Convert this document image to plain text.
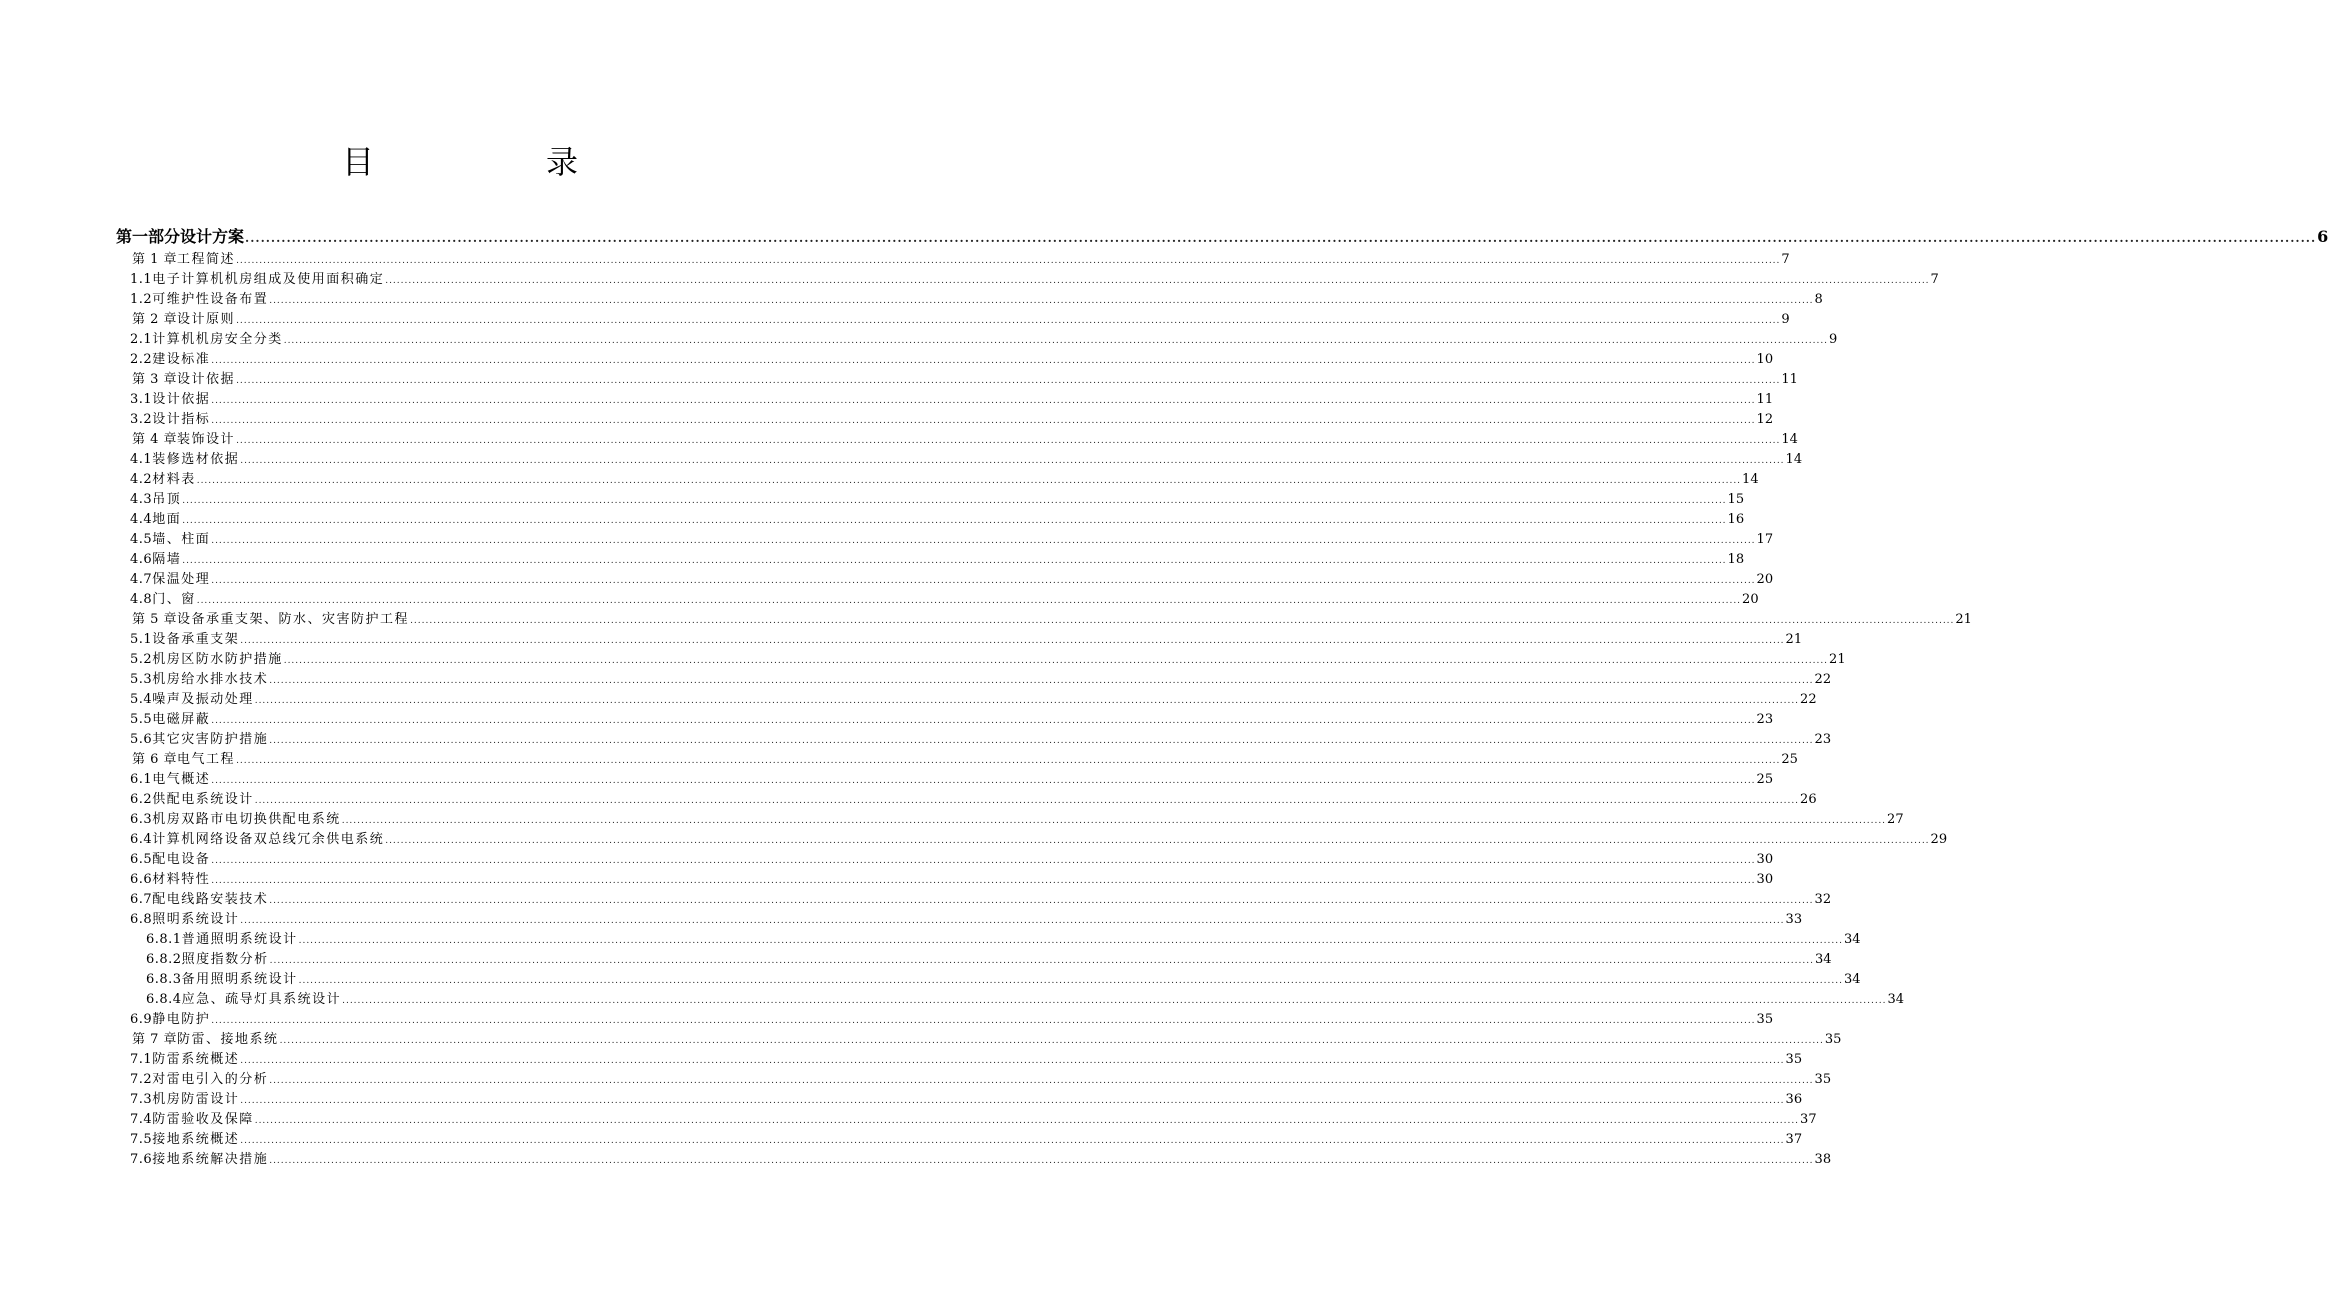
目　录
第一部分 设计方案 ................................................................................................................................................................................................................................................................................................................................................................................................................ 6
第 1 章 工程简述 ................................................................................................................................................................................................................................................................................................................................................................................................................ 7
1.1 电子计算机机房组成及使用面积确定 ................................................................................................................................................................................................................................................................................................................................................................................................................ 7
1.2 可维护性设备布置 ................................................................................................................................................................................................................................................................................................................................................................................................................ 8
第 2 章 设计原则 ................................................................................................................................................................................................................................................................................................................................................................................................................ 9
2.1 计算机机房安全分类 ................................................................................................................................................................................................................................................................................................................................................................................................................ 9
2.2 建设标准 ................................................................................................................................................................................................................................................................................................................................................................................................................ 10
第 3 章 设计依据 ................................................................................................................................................................................................................................................................................................................................................................................................................ 11
3.1 设计依据 ................................................................................................................................................................................................................................................................................................................................................................................................................ 11
3.2 设计指标 ................................................................................................................................................................................................................................................................................................................................................................................................................ 12
第 4 章 装饰设计 ................................................................................................................................................................................................................................................................................................................................................................................................................ 14
4.1 装修选材依据 ................................................................................................................................................................................................................................................................................................................................................................................................................ 14
4.2 材料表 ................................................................................................................................................................................................................................................................................................................................................................................................................ 14
4.3 吊顶 ................................................................................................................................................................................................................................................................................................................................................................................................................ 15
4.4 地面 ................................................................................................................................................................................................................................................................................................................................................................................................................ 16
4.5 墙、柱面 ................................................................................................................................................................................................................................................................................................................................................................................................................ 17
4.6 隔墙 ................................................................................................................................................................................................................................................................................................................................................................................................................ 18
4.7 保温处理 ................................................................................................................................................................................................................................................................................................................................................................................................................ 20
4.8 门、窗 ................................................................................................................................................................................................................................................................................................................................................................................................................ 20
第 5 章 设备承重支架、防水、灾害防护工程 ................................................................................................................................................................................................................................................................................................................................................................................................................ 21
5.1 设备承重支架 ................................................................................................................................................................................................................................................................................................................................................................................................................ 21
5.2 机房区防水防护措施 ................................................................................................................................................................................................................................................................................................................................................................................................................ 21
5.3 机房给水排水技术 ................................................................................................................................................................................................................................................................................................................................................................................................................ 22
5.4 噪声及振动处理 ................................................................................................................................................................................................................................................................................................................................................................................................................ 22
5.5 电磁屏蔽 ................................................................................................................................................................................................................................................................................................................................................................................................................ 23
5.6 其它灾害防护措施 ................................................................................................................................................................................................................................................................................................................................................................................................................ 23
第 6 章 电气工程 ................................................................................................................................................................................................................................................................................................................................................................................................................ 25
6.1 电气概述 ................................................................................................................................................................................................................................................................................................................................................................................................................ 25
6.2 供配电系统设计 ................................................................................................................................................................................................................................................................................................................................................................................................................ 26
6.3 机房双路市电切换供配电系统 ................................................................................................................................................................................................................................................................................................................................................................................................................ 27
6.4 计算机网络设备双总线冗余供电系统 ................................................................................................................................................................................................................................................................................................................................................................................................................ 29
6.5 配电设备 ................................................................................................................................................................................................................................................................................................................................................................................................................ 30
6.6 材料特性 ................................................................................................................................................................................................................................................................................................................................................................................................................ 30
6.7 配电线路安装技术 ................................................................................................................................................................................................................................................................................................................................................................................................................ 32
6.8 照明系统设计 ................................................................................................................................................................................................................................................................................................................................................................................................................ 33
6.8.1 普通照明系统设计 ................................................................................................................................................................................................................................................................................................................................................................................................................ 34
6.8.2 照度指数分析 ................................................................................................................................................................................................................................................................................................................................................................................................................ 34
6.8.3 备用照明系统设计 ................................................................................................................................................................................................................................................................................................................................................................................................................ 34
6.8.4 应急、疏导灯具系统设计 ................................................................................................................................................................................................................................................................................................................................................................................................................ 34
6.9 静电防护 ................................................................................................................................................................................................................................................................................................................................................................................................................ 35
第 7 章 防雷、接地系统 ................................................................................................................................................................................................................................................................................................................................................................................................................ 35
7.1 防雷系统概述 ................................................................................................................................................................................................................................................................................................................................................................................................................ 35
7.2 对雷电引入的分析 ................................................................................................................................................................................................................................................................................................................................................................................................................ 35
7.3 机房防雷设计 ................................................................................................................................................................................................................................................................................................................................................................................................................ 36
7.4 防雷验收及保障 ................................................................................................................................................................................................................................................................................................................................................................................................................ 37
7.5 接地系统概述 ................................................................................................................................................................................................................................................................................................................................................................................................................ 37
7.6 接地系统解决措施 ................................................................................................................................................................................................................................................................................................................................................................................................................ 38
